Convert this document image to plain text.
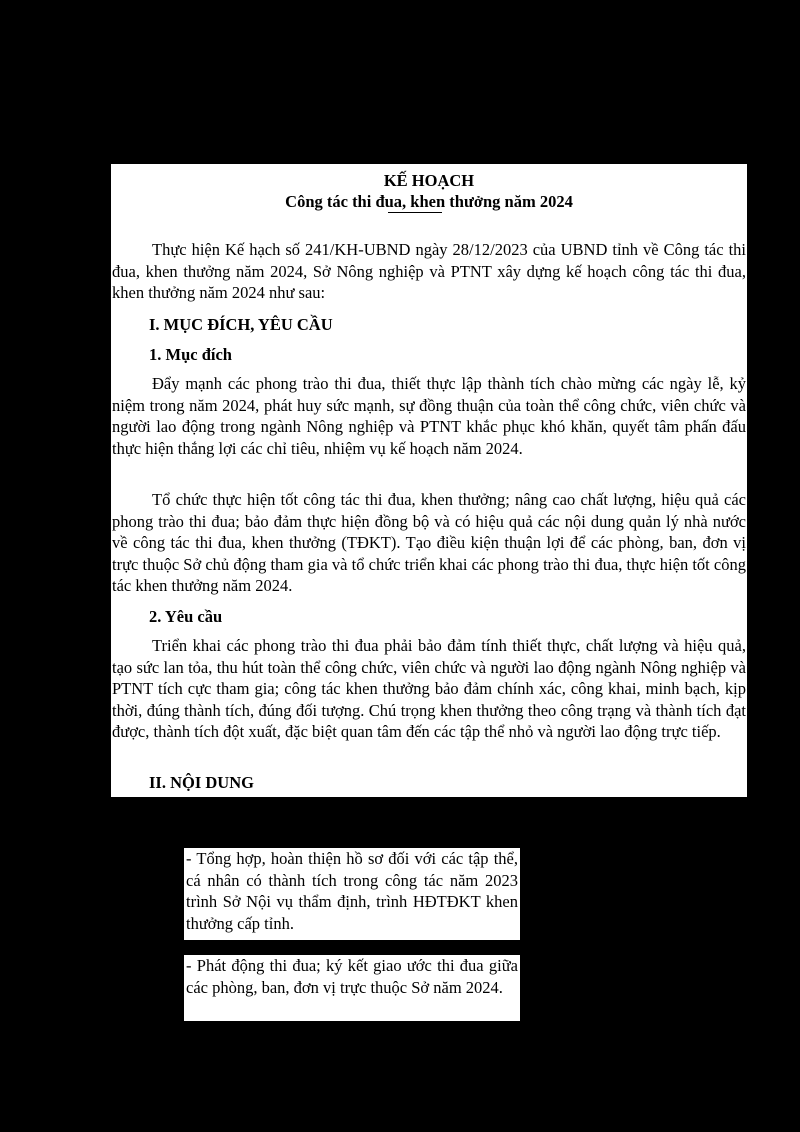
KẾ HOẠCH
Công tác thi đua, khen thưởng năm 2024

Thực hiện Kế hạch số 241/KH-UBND ngày 28/12/2023 của UBND tỉnh về Công tác thi đua, khen thưởng năm 2024, Sở Nông nghiệp và PTNT xây dựng kế hoạch công tác thi đua, khen thưởng năm 2024 như sau:

I. MỤC ĐÍCH, YÊU CẦU

1. Mục đích

Đẩy mạnh các phong trào thi đua, thiết thực lập thành tích chào mừng các ngày lễ, kỷ niệm trong năm 2024, phát huy sức mạnh, sự đồng thuận của toàn thể công chức, viên chức và người lao động trong ngành Nông nghiệp và PTNT khắc phục khó khăn, quyết tâm phấn đấu thực hiện thắng lợi các chỉ tiêu, nhiệm vụ kế hoạch năm 2024.

Tổ chức thực hiện tốt công tác thi đua, khen thưởng; nâng cao chất lượng, hiệu quả các phong trào thi đua; bảo đảm thực hiện đồng bộ và có hiệu quả các nội dung quản lý nhà nước về công tác thi đua, khen thưởng (TĐKT). Tạo điều kiện thuận lợi để các phòng, ban, đơn vị trực thuộc Sở chủ động tham gia và tổ chức triển khai các phong trào thi đua, thực hiện tốt công tác khen thưởng năm 2024.

2. Yêu cầu

Triển khai các phong trào thi đua phải bảo đảm tính thiết thực, chất lượng và hiệu quả, tạo sức lan tỏa, thu hút toàn thể công chức, viên chức và người lao động ngành Nông nghiệp và PTNT tích cực tham gia; công tác khen thưởng bảo đảm chính xác, công khai, minh bạch, kịp thời, đúng thành tích, đúng đối tượng. Chú trọng khen thưởng theo công trạng và thành tích đạt được, thành tích đột xuất, đặc biệt quan tâm đến các tập thể nhỏ và người lao động trực tiếp.

II. NỘI DUNG

- Tổng hợp, hoàn thiện hồ sơ đối với các tập thể, cá nhân có thành tích trong công tác năm 2023 trình Sở Nội vụ thẩm định, trình HĐTĐKT khen thưởng cấp tỉnh.

- Phát động thi đua; ký kết giao ước thi đua giữa các phòng, ban, đơn vị trực thuộc Sở năm 2024.
